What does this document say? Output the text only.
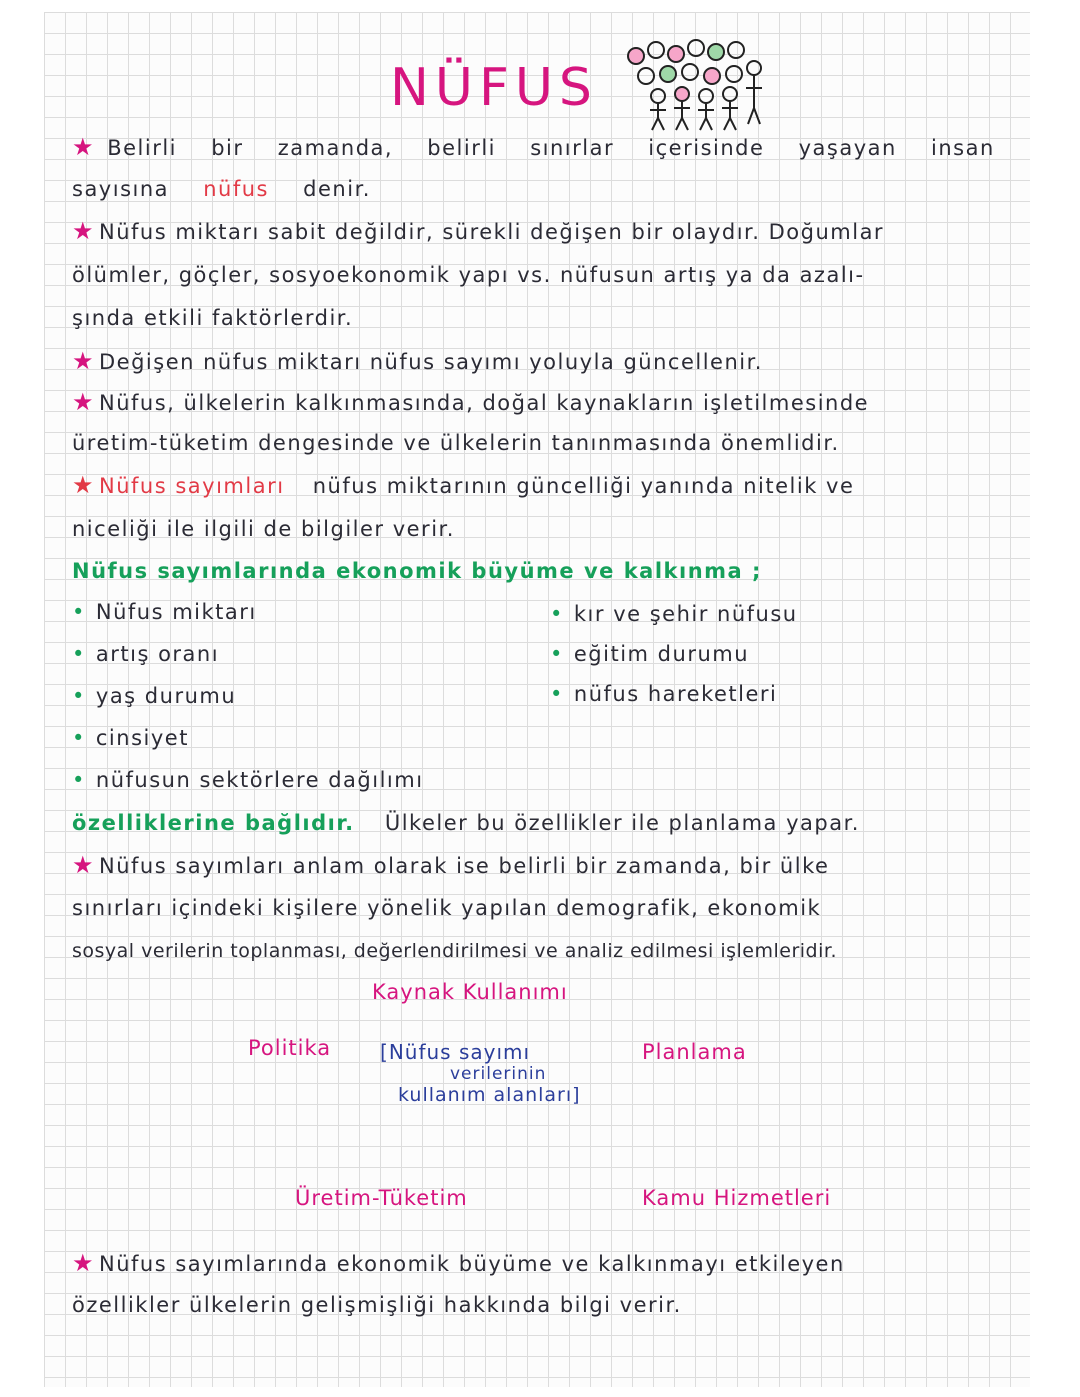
NÜFUS
★ Belirli bir zamanda, belirli sınırlar içerisinde yaşayan insan
sayısına nüfus denir.
★ Nüfus miktarı sabit değildir, sürekli değişen bir olaydır. Doğumlar
ölümler, göçler, sosyoekonomik yapı vs. nüfusun artış ya da azalı-
şında etkili faktörlerdir.
★ Değişen nüfus miktarı nüfus sayımı yoluyla güncellenir.
★ Nüfus, ülkelerin kalkınmasında, doğal kaynakların işletilmesinde
üretim-tüketim dengesinde ve ülkelerin tanınmasında önemlidir.
★ Nüfus sayımları nüfus miktarının güncelliği yanında nitelik ve
niceliği ile ilgili de bilgiler verir.
Nüfus sayımlarında ekonomik büyüme ve kalkınma ;
• Nüfus miktarı
• artış oranı
• yaş durumu
• cinsiyet
• nüfusun sektörlere dağılımı
• kır ve şehir nüfusu
• eğitim durumu
• nüfus hareketleri
özelliklerine bağlıdır. Ülkeler bu özellikler ile planlama yapar.
★ Nüfus sayımları anlam olarak ise belirli bir zamanda, bir ülke
sınırları içindeki kişilere yönelik yapılan demografik, ekonomik
sosyal verilerin toplanması, değerlendirilmesi ve analiz edilmesi işlemleridir.
Kaynak Kullanımı
Politika	Planlama
[Nüfus sayımı
verilerinin
kullanım alanları]
Üretim-Tüketim	Kamu Hizmetleri
★ Nüfus sayımlarında ekonomik büyüme ve kalkınmayı etkileyen
özellikler ülkelerin gelişmişliği hakkında bilgi verir.
